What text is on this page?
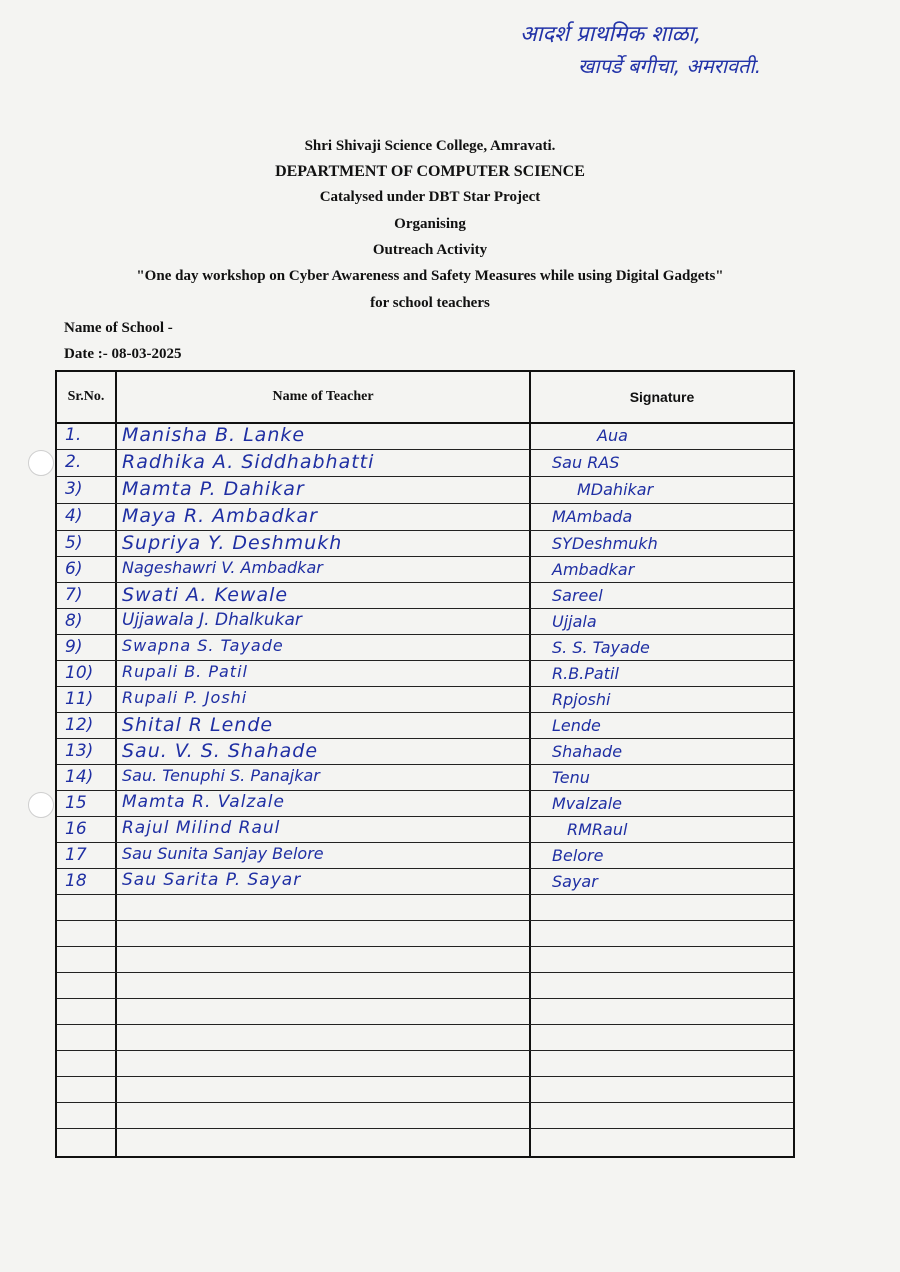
आदर्श प्राथमिक शाळा,
खापर्डे बगीचा, अमरावती.
Shri Shivaji Science College, Amravati.
DEPARTMENT OF COMPUTER SCIENCE
Catalysed under DBT Star Project
Organising
Outreach Activity
"One day workshop on Cyber Awareness and Safety Measures while using Digital Gadgets"
for school teachers
Name of School -
Date :- 08-03-2025
Sr.No.	Name of Teacher	Signature
1.	Manisha B. Lanke	Aua
2.	Radhika A. Siddhabhatti	Sau RAS
3)	Mamta P. Dahikar	MDahikar
4)	Maya R. Ambadkar	MAmbada
5)	Supriya Y. Deshmukh	SYDeshmukh
6)	Nageshawri V. Ambadkar	Ambadkar
7)	Swati A. Kewale	Sareel
8)	Ujjawala J. Dhalkukar	Ujjala
9)	Swapna S. Tayade	S. S. Tayade
10)	Rupali B. Patil	R.B.Patil
11)	Rupali P. Joshi	Rpjoshi
12)	Shital R Lende	Lende
13)	Sau. V. S. Shahade	Shahade
14)	Sau. Tenuphi S. Panajkar	Tenu
15	Mamta R. Valzale	Mvalzale
16	Rajul Milind Raul	RMRaul
17	Sau Sunita Sanjay Belore	Belore
18	Sau Sarita P. Sayar	Sayar
